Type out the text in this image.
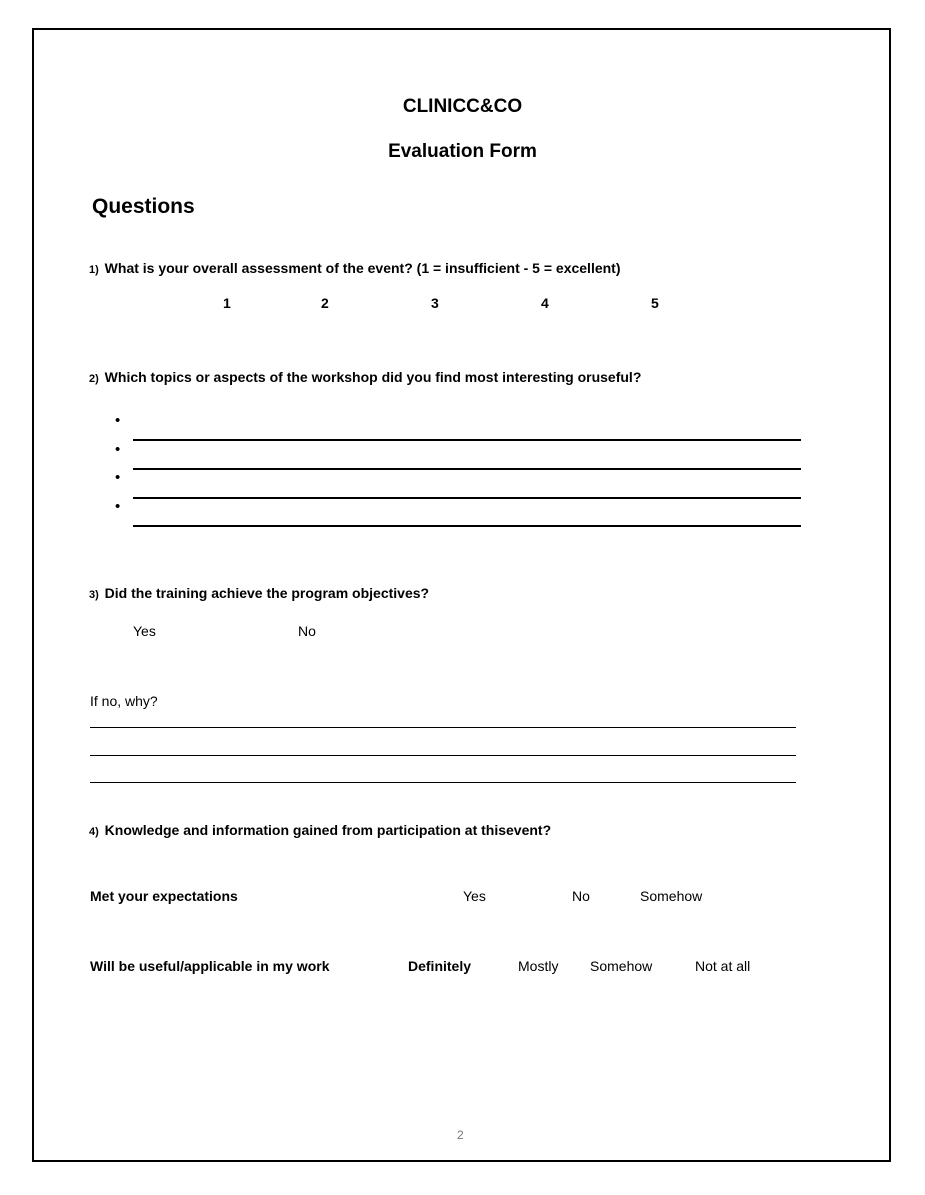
CLINICC&CO
Evaluation Form
Questions
1) What is your overall assessment of the event? (1 = insufficient - 5 = excellent)
1	2	3	4	5
2) Which topics or aspects of the workshop did you find most interesting oruseful?
•
•
•
•
3) Did the training achieve the program objectives?
Yes	No
If no, why?
4) Knowledge and information gained from participation at thisevent?
Met your expectations	Yes	No	Somehow
Will be useful/applicable in my work	Definitely	Mostly Somehow	Not at all
2
